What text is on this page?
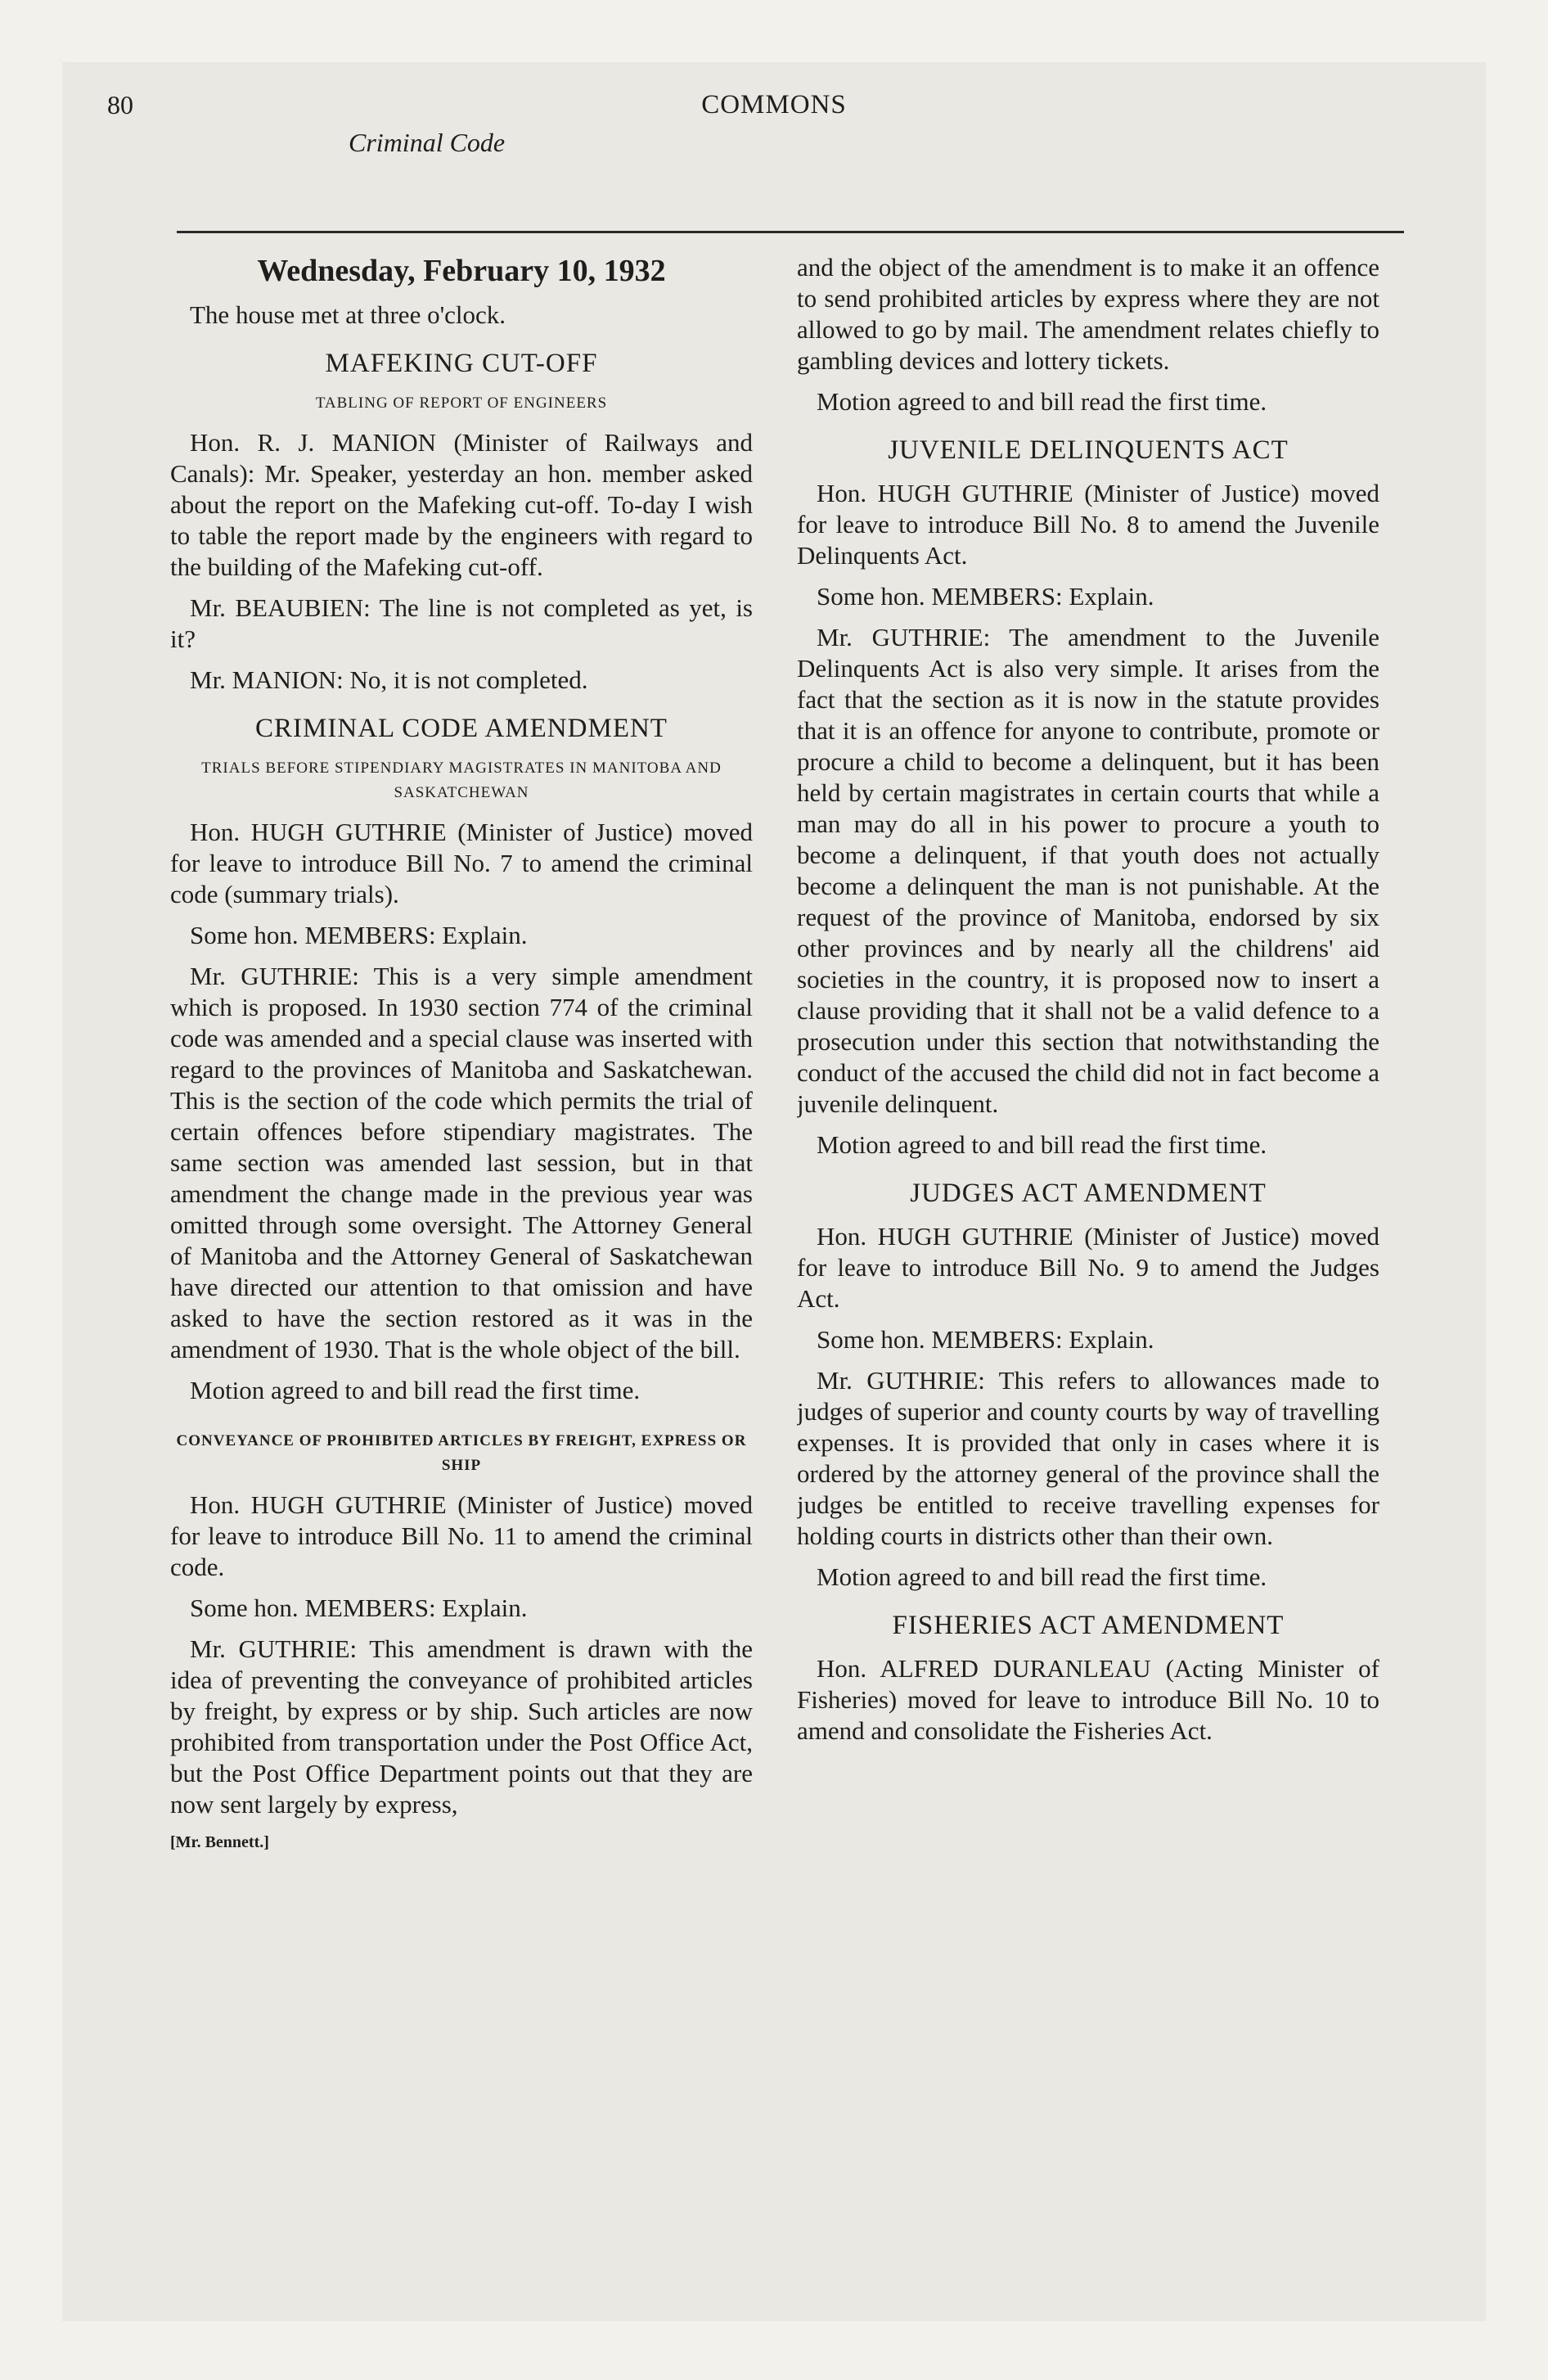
80	COMMONS
Criminal Code
Wednesday, February 10, 1932

The house met at three o'clock.

MAFEKING CUT-OFF
TABLING OF REPORT OF ENGINEERS

Hon. R. J. MANION (Minister of Railways and Canals): Mr. Speaker, yesterday an hon. member asked about the report on the Mafeking cut-off. To-day I wish to table the report made by the engineers with regard to the building of the Mafeking cut-off.

Mr. BEAUBIEN: The line is not completed as yet, is it?

Mr. MANION: No, it is not completed.

CRIMINAL CODE AMENDMENT
TRIALS BEFORE STIPENDIARY MAGISTRATES IN MANITOBA AND SASKATCHEWAN

Hon. HUGH GUTHRIE (Minister of Justice) moved for leave to introduce Bill No. 7 to amend the criminal code (summary trials).

Some hon. MEMBERS: Explain.

Mr. GUTHRIE: This is a very simple amendment which is proposed. In 1930 section 774 of the criminal code was amended and a special clause was inserted with regard to the provinces of Manitoba and Saskatchewan. This is the section of the code which permits the trial of certain offences before stipendiary magistrates. The same section was amended last session, but in that amendment the change made in the previous year was omitted through some oversight. The Attorney General of Manitoba and the Attorney General of Saskatchewan have directed our attention to that omission and have asked to have the section restored as it was in the amendment of 1930. That is the whole object of the bill.

Motion agreed to and bill read the first time.

CONVEYANCE OF PROHIBITED ARTICLES BY FREIGHT, EXPRESS OR SHIP

Hon. HUGH GUTHRIE (Minister of Justice) moved for leave to introduce Bill No. 11 to amend the criminal code.

Some hon. MEMBERS: Explain.

Mr. GUTHRIE: This amendment is drawn with the idea of preventing the conveyance of prohibited articles by freight, by express or by ship. Such articles are now prohibited from transportation under the Post Office Act, but the Post Office Department points out that they are now sent largely by express,

[Mr. Bennett.]

and the object of the amendment is to make it an offence to send prohibited articles by express where they are not allowed to go by mail. The amendment relates chiefly to gambling devices and lottery tickets.

Motion agreed to and bill read the first time.

JUVENILE DELINQUENTS ACT

Hon. HUGH GUTHRIE (Minister of Justice) moved for leave to introduce Bill No. 8 to amend the Juvenile Delinquents Act.

Some hon. MEMBERS: Explain.

Mr. GUTHRIE: The amendment to the Juvenile Delinquents Act is also very simple. It arises from the fact that the section as it is now in the statute provides that it is an offence for anyone to contribute, promote or procure a child to become a delinquent, but it has been held by certain magistrates in certain courts that while a man may do all in his power to procure a youth to become a delinquent, if that youth does not actually become a delinquent the man is not punishable. At the request of the province of Manitoba, endorsed by six other provinces and by nearly all the childrens' aid societies in the country, it is proposed now to insert a clause providing that it shall not be a valid defence to a prosecution under this section that notwithstanding the conduct of the accused the child did not in fact become a juvenile delinquent.

Motion agreed to and bill read the first time.

JUDGES ACT AMENDMENT

Hon. HUGH GUTHRIE (Minister of Justice) moved for leave to introduce Bill No. 9 to amend the Judges Act.

Some hon. MEMBERS: Explain.

Mr. GUTHRIE: This refers to allowances made to judges of superior and county courts by way of travelling expenses. It is provided that only in cases where it is ordered by the attorney general of the province shall the judges be entitled to receive travelling expenses for holding courts in districts other than their own.

Motion agreed to and bill read the first time.

FISHERIES ACT AMENDMENT

Hon. ALFRED DURANLEAU (Acting Minister of Fisheries) moved for leave to introduce Bill No. 10 to amend and consolidate the Fisheries Act.
